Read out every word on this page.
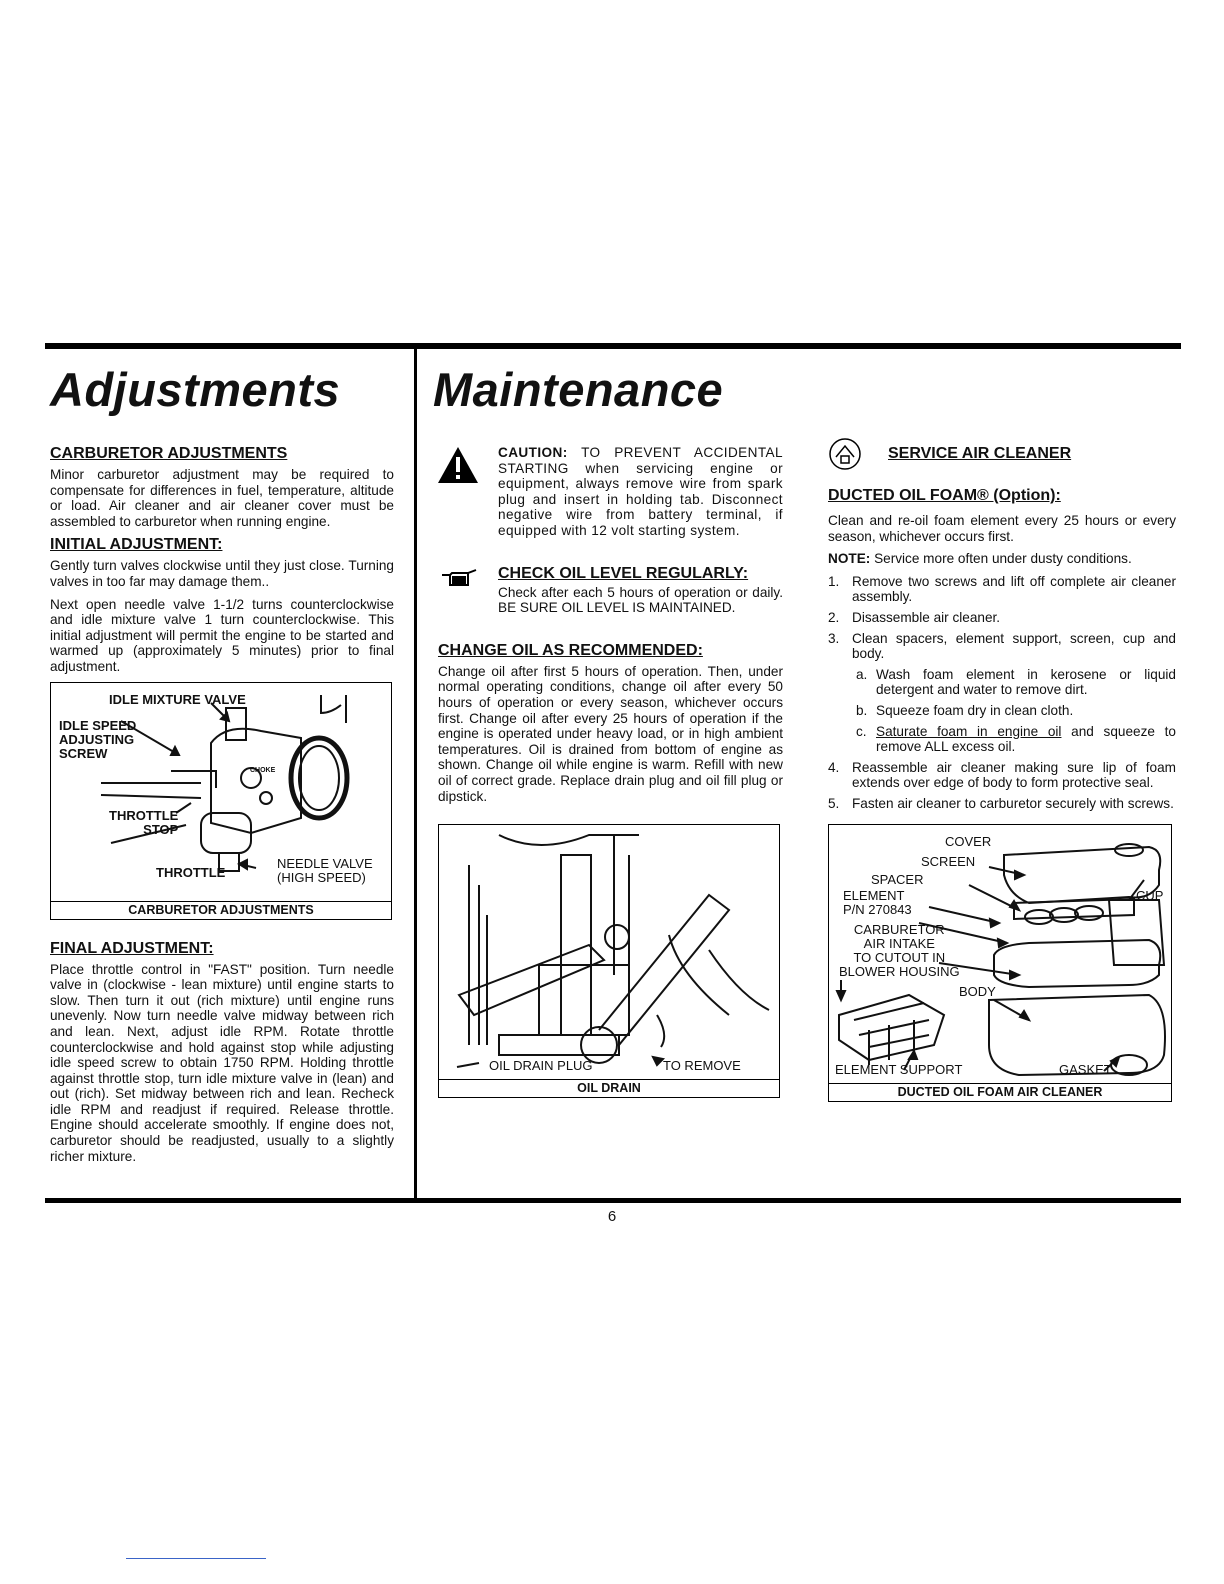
Adjustments Maintenance
CARBURETOR ADJUSTMENTS

Minor carburetor adjustment may be required to compensate for differences in fuel, temperature, altitude or load. Air cleaner and air cleaner cover must be assembled to carburetor when running engine.

INITIAL ADJUSTMENT:

Gently turn valves clockwise until they just close. Turning valves in too far may damage them..

Next open needle valve 1-1/2 turns counterclockwise and idle mixture valve 1 turn counterclockwise. This initial adjustment will permit the engine to be started and warmed up (approximately 5 minutes) prior to final adjustment.

IDLE MIXTURE VALVE
IDLE SPEED
ADJUSTING
SCREW
THROTTLE
STOP
THROTTLE
NEEDLE VALVE
(HIGH SPEED)
CHOKE
CARBURETOR ADJUSTMENTS
FINAL ADJUSTMENT:

Place throttle control in "FAST" position. Turn needle valve in (clockwise - lean mixture) until engine starts to slow. Then turn it out (rich mixture) until engine runs unevenly. Now turn needle valve midway between rich and lean. Next, adjust idle RPM. Rotate throttle counterclockwise and hold against stop while adjusting idle speed screw to obtain 1750 RPM. Holding throttle against throttle stop, turn idle mixture valve in (lean) and out (rich). Set midway between rich and lean. Recheck idle RPM and readjust if required. Release throttle. Engine should accelerate smoothly. If engine does not, carburetor should be readjusted, usually to a slightly richer mixture.

CAUTION: TO PREVENT ACCIDENTAL STARTING when servicing engine or equipment, always remove wire from spark plug and insert in holding tab. Disconnect negative wire from battery terminal, if equipped with 12 volt starting system.

CHECK OIL LEVEL REGULARLY:

Check after each 5 hours of operation or daily. BE SURE OIL LEVEL IS MAINTAINED.

CHANGE OIL AS RECOMMENDED:

Change oil after first 5 hours of operation. Then, under normal operating conditions, change oil after every 50 hours of operation or every season, whichever occurs first. Change oil after every 25 hours of operation if the engine is operated under heavy load, or in high ambient temperatures. Oil is drained from bottom of engine as shown. Change oil while engine is warm. Refill with new oil of correct grade. Replace drain plug and oil fill plug or dipstick.

OIL DRAIN PLUG	TO REMOVE
OIL DRAIN
SERVICE AIR CLEANER
DUCTED OIL FOAM® (Option):

Clean and re-oil foam element every 25 hours or every season, whichever occurs first.

NOTE: Service more often under dusty conditions.

1. Remove two screws and lift off complete air cleaner assembly.
2. Disassemble air cleaner.
3. Clean spacers, element support, screen, cup and body.
a. Wash foam element in kerosene or liquid detergent and water to remove dirt.
b. Squeeze foam dry in clean cloth.
c. Saturate foam in engine oil and squeeze to remove ALL excess oil.
4. Reassemble air cleaner making sure lip of foam extends over edge of body to form protective seal.
5. Fasten air cleaner to carburetor securely with screws.
COVER
SCREEN
SPACER
ELEMENT
P/N 270843
CUP
CARBURETOR
AIR INTAKE
TO CUTOUT IN
BLOWER HOUSING
BODY
ELEMENT SUPPORT	GASKET
DUCTED OIL FOAM AIR CLEANER
6
